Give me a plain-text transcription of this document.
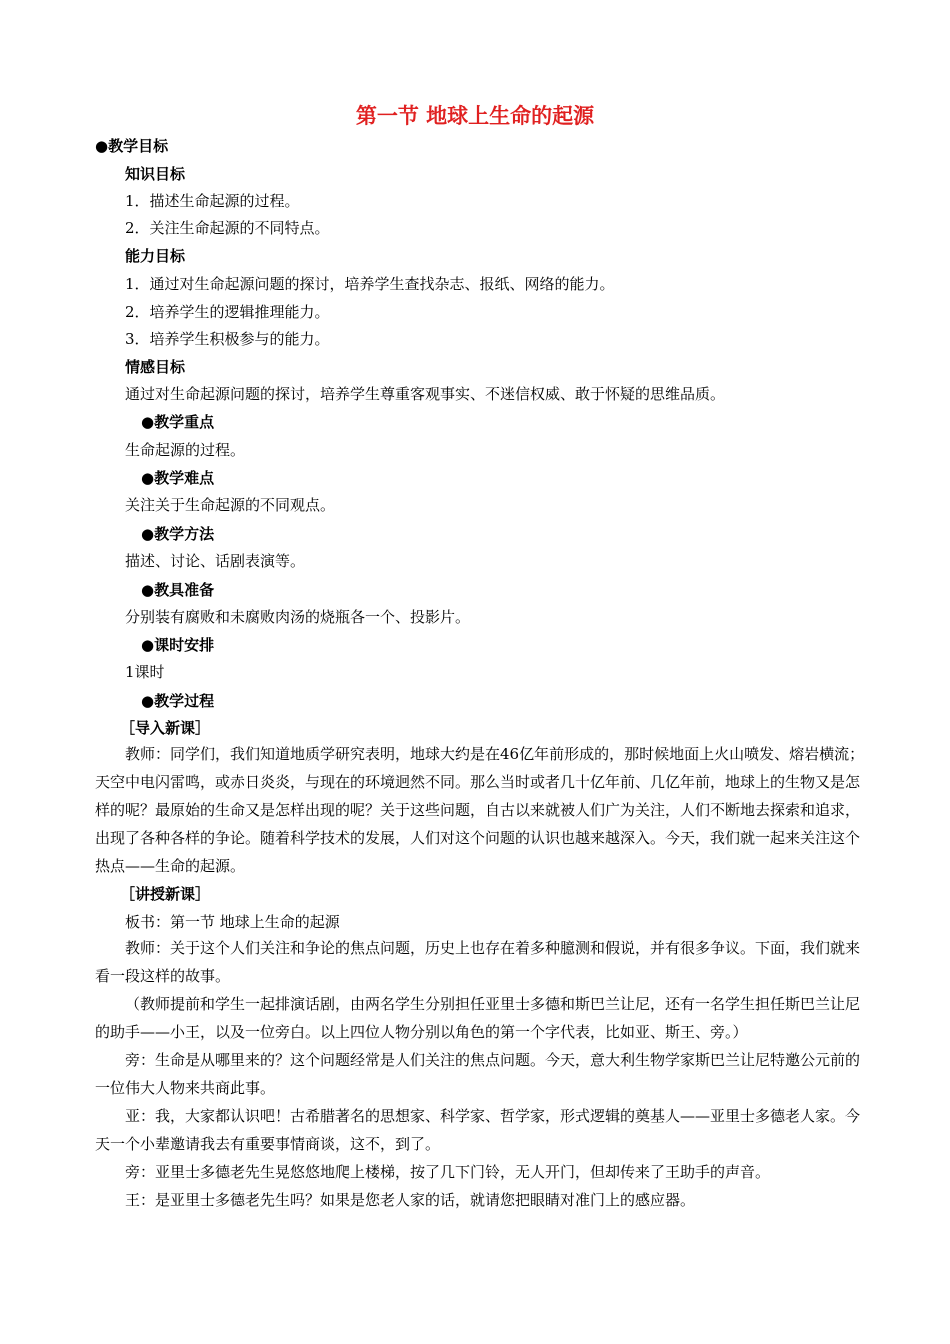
第一节 地球上生命的起源
●教学目标
知识目标
1．描述生命起源的过程。
2．关注生命起源的不同特点。
能力目标
1．通过对生命起源问题的探讨，培养学生查找杂志、报纸、网络的能力。
2．培养学生的逻辑推理能力。
3．培养学生积极参与的能力。
情感目标
通过对生命起源问题的探讨，培养学生尊重客观事实、不迷信权威、敢于怀疑的思维品质。
●教学重点
生命起源的过程。
●教学难点
关注关于生命起源的不同观点。
●教学方法
描述、讨论、话剧表演等。
●教具准备
分别装有腐败和未腐败肉汤的烧瓶各一个、投影片。
●课时安排
1课时
●教学过程
［导入新课］

教师：同学们，我们知道地质学研究表明，地球大约是在46亿年前形成的，那时候地面上火山喷发、熔岩横流；天空中电闪雷鸣，或赤日炎炎，与现在的环境迥然不同。那么当时或者几十亿年前、几亿年前，地球上的生物又是怎样的呢？最原始的生命又是怎样出现的呢？关于这些问题，自古以来就被人们广为关注，人们不断地去探索和追求，出现了各种各样的争论。随着科学技术的发展，人们对这个问题的认识也越来越深入。今天，我们就一起来关注这个热点——生命的起源。

［讲授新课］
板书：第一节 地球上生命的起源

教师：关于这个人们关注和争论的焦点问题，历史上也存在着多种臆测和假说，并有很多争议。下面，我们就来看一段这样的故事。

（教师提前和学生一起排演话剧，由两名学生分别担任亚里士多德和斯巴兰让尼，还有一名学生担任斯巴兰让尼的助手——小王，以及一位旁白。以上四位人物分别以角色的第一个字代表，比如亚、斯王、旁。）

旁：生命是从哪里来的？这个问题经常是人们关注的焦点问题。今天，意大利生物学家斯巴兰让尼特邀公元前的一位伟大人物来共商此事。

亚：我，大家都认识吧！古希腊著名的思想家、科学家、哲学家，形式逻辑的奠基人——亚里士多德老人家。今天一个小辈邀请我去有重要事情商谈，这不，到了。

旁：亚里士多德老先生晃悠悠地爬上楼梯，按了几下门铃，无人开门，但却传来了王助手的声音。

王：是亚里士多德老先生吗？如果是您老人家的话，就请您把眼睛对准门上的感应器。
